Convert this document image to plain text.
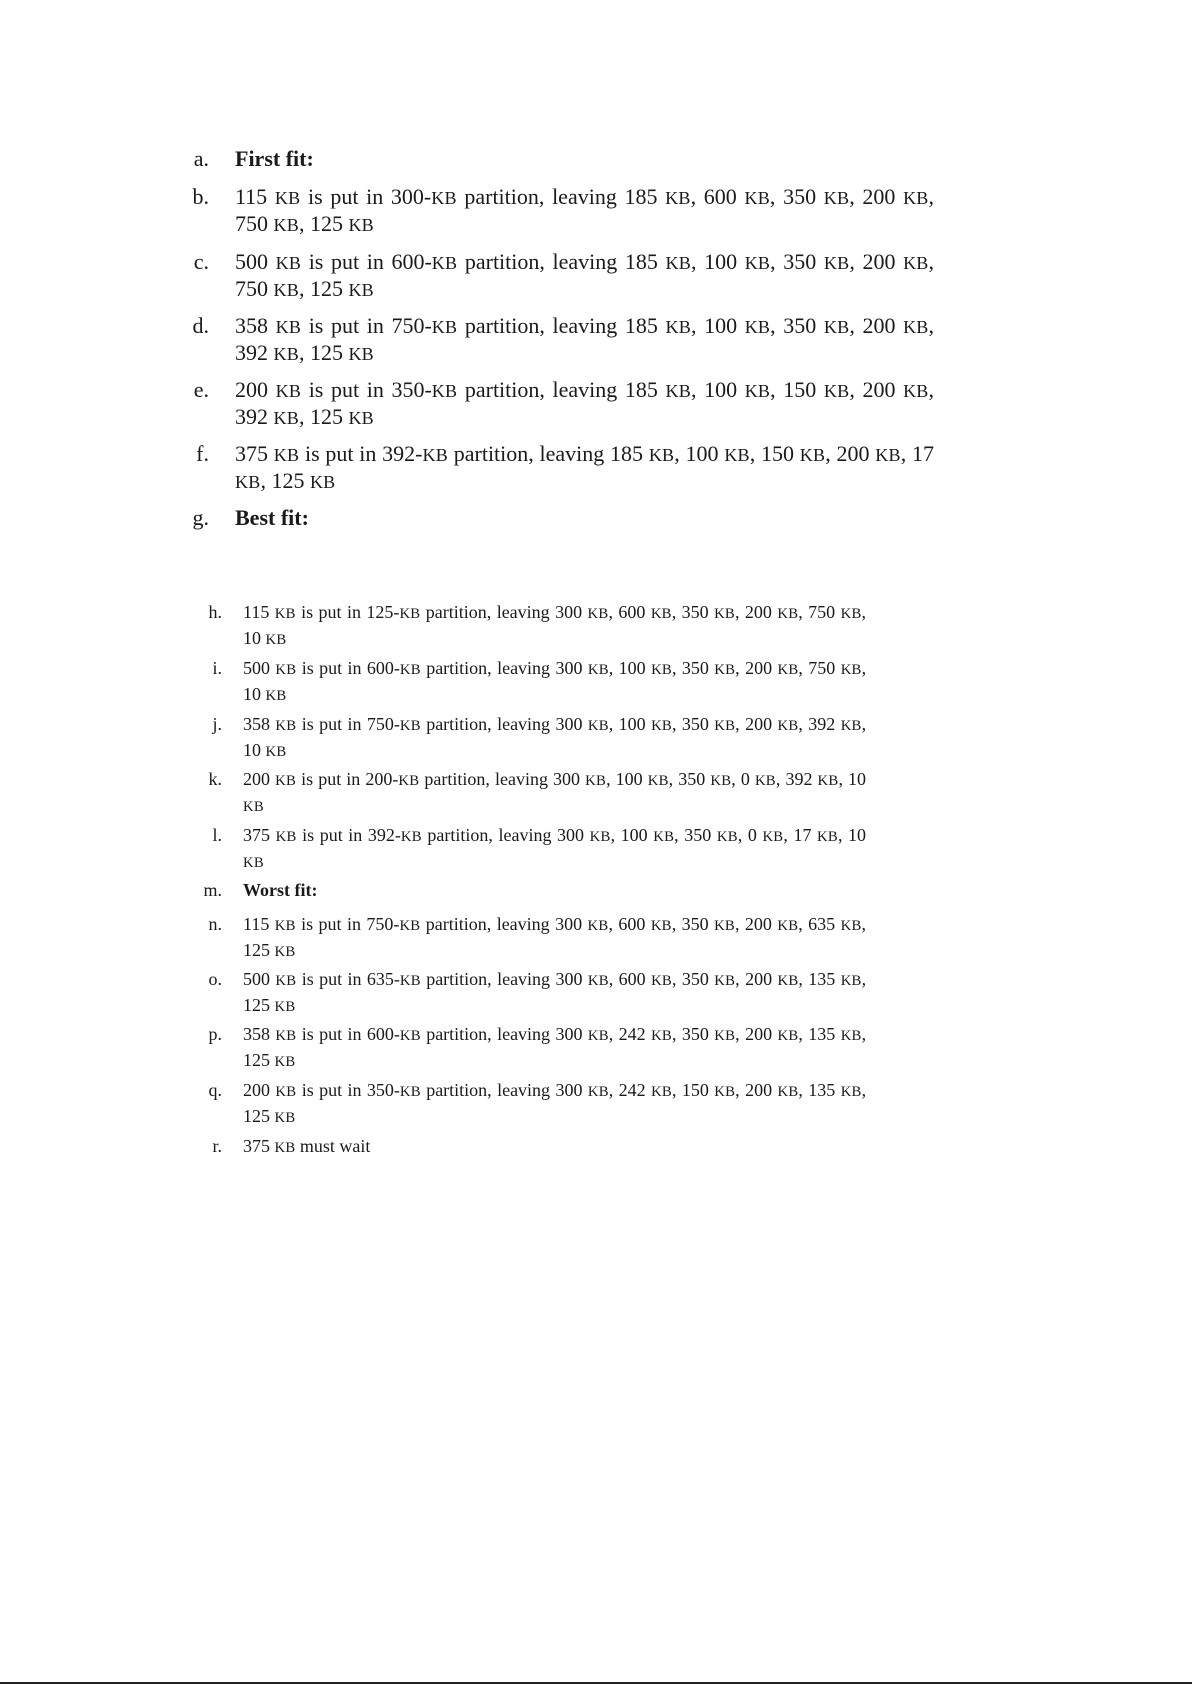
a. First fit:
b. 115 KB is put in 300-KB partition, leaving 185 KB, 600 KB, 350 KB, 200 KB, 750 KB, 125 KB
c. 500 KB is put in 600-KB partition, leaving 185 KB, 100 KB, 350 KB, 200 KB, 750 KB, 125 KB
d. 358 KB is put in 750-KB partition, leaving 185 KB, 100 KB, 350 KB, 200 KB, 392 KB, 125 KB
e. 200 KB is put in 350-KB partition, leaving 185 KB, 100 KB, 150 KB, 200 KB, 392 KB, 125 KB
f. 375 KB is put in 392-KB partition, leaving 185 KB, 100 KB, 150 KB, 200 KB, 17 KB, 125 KB
g. Best fit:
h. 115 KB is put in 125-KB partition, leaving 300 KB, 600 KB, 350 KB, 200 KB, 750 KB, 10 KB
i. 500 KB is put in 600-KB partition, leaving 300 KB, 100 KB, 350 KB, 200 KB, 750 KB, 10 KB
j. 358 KB is put in 750-KB partition, leaving 300 KB, 100 KB, 350 KB, 200 KB, 392 KB, 10 KB
k. 200 KB is put in 200-KB partition, leaving 300 KB, 100 KB, 350 KB, 0 KB, 392 KB, 10 KB
l. 375 KB is put in 392-KB partition, leaving 300 KB, 100 KB, 350 KB, 0 KB, 17 KB, 10 KB
m. Worst fit:
n. 115 KB is put in 750-KB partition, leaving 300 KB, 600 KB, 350 KB, 200 KB, 635 KB, 125 KB
o. 500 KB is put in 635-KB partition, leaving 300 KB, 600 KB, 350 KB, 200 KB, 135 KB, 125 KB
p. 358 KB is put in 600-KB partition, leaving 300 KB, 242 KB, 350 KB, 200 KB, 135 KB, 125 KB
q. 200 KB is put in 350-KB partition, leaving 300 KB, 242 KB, 150 KB, 200 KB, 135 KB, 125 KB
r. 375 KB must wait
